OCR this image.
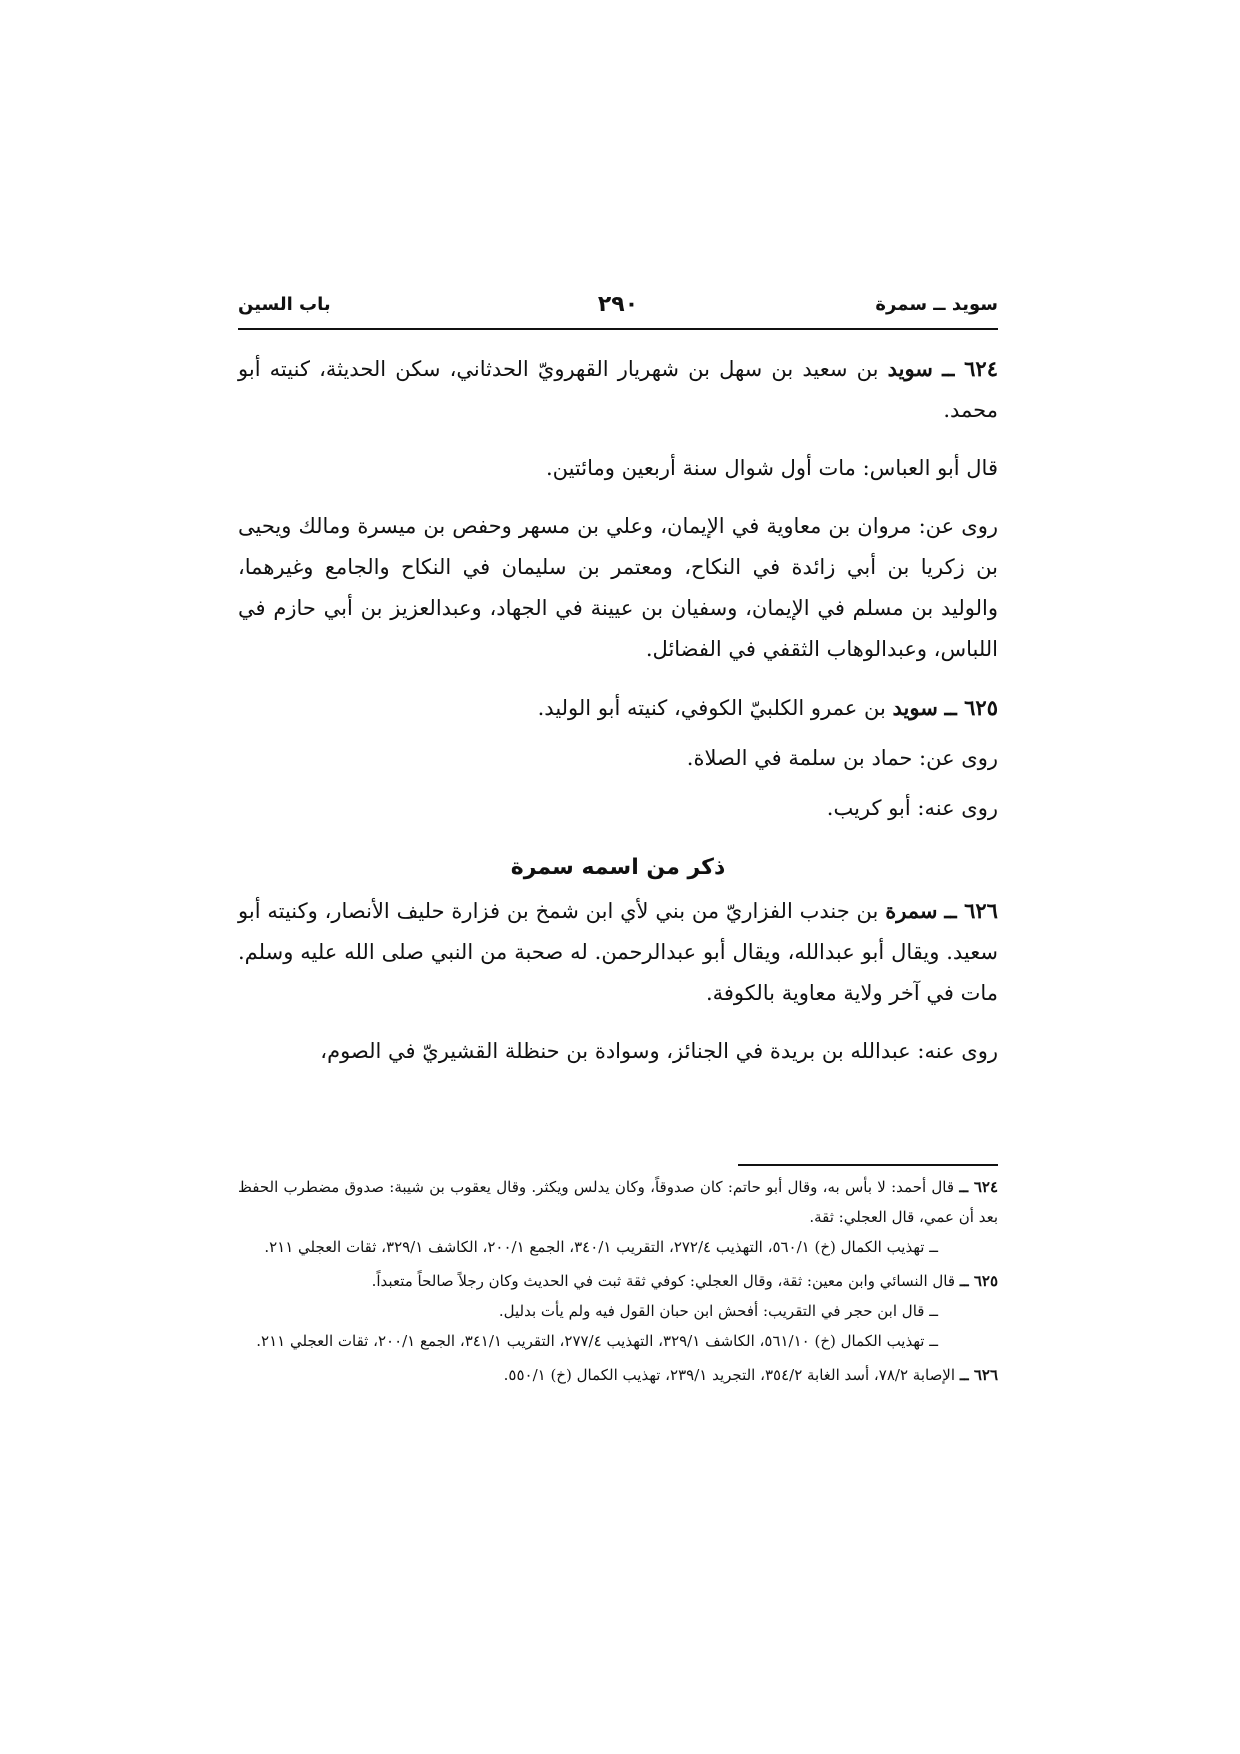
سويد ــ سمرة
٢٩٠
باب السين

٦٢٤ ــ سويد بن سعيد بن سهل بن شهريار القهرويّ الحدثاني، سكن الحديثة، كنيته أبو محمد.

قال أبو العباس: مات أول شوال سنة أربعين ومائتين.

روى عن: مروان بن معاوية في الإيمان، وعلي بن مسهر وحفص بن ميسرة ومالك ويحيى بن زكريا بن أبي زائدة في النكاح، ومعتمر بن سليمان في النكاح والجامع وغيرهما، والوليد بن مسلم في الإيمان، وسفيان بن عيينة في الجهاد، وعبدالعزيز بن أبي حازم في اللباس، وعبدالوهاب الثقفي في الفضائل.

٦٢٥ ــ سويد بن عمرو الكلبيّ الكوفي، كنيته أبو الوليد.

روى عن: حماد بن سلمة في الصلاة.

روى عنه: أبو كريب.

ذكر من اسمه سمرة

٦٢٦ ــ سمرة بن جندب الفزاريّ من بني لأي ابن شمخ بن فزارة حليف الأنصار، وكنيته أبو سعيد. ويقال أبو عبدالله، ويقال أبو عبدالرحمن. له صحبة من النبي صلى الله عليه وسلم. مات في آخر ولاية معاوية بالكوفة.

روى عنه: عبدالله بن بريدة في الجنائز، وسوادة بن حنظلة القشيريّ في الصوم،

٦٢٤ ــ قال أحمد: لا بأس به، وقال أبو حاتم: كان صدوقاً، وكان يدلس ويكثر. وقال يعقوب بن شيبة: صدوق مضطرب الحفظ بعد أن عمي، قال العجلي: ثقة.

ــ تهذيب الكمال (خ) ٥٦٠/١، التهذيب ٢٧٢/٤، التقريب ٣٤٠/١، الجمع ٢٠٠/١، الكاشف ٣٢٩/١، ثقات العجلي ٢١١.

٦٢٥ ــ قال النسائي وابن معين: ثقة، وقال العجلي: كوفي ثقة ثبت في الحديث وكان رجلاً صالحاً متعبداً.

ــ قال ابن حجر في التقريب: أفحش ابن حبان القول فيه ولم يأت بدليل.

ــ تهذيب الكمال (خ) ٥٦١/١٠، الكاشف ٣٢٩/١، التهذيب ٢٧٧/٤، التقريب ٣٤١/١، الجمع ٢٠٠/١، ثقات العجلي ٢١١.

٦٢٦ ــ الإصابة ٧٨/٢، أسد الغابة ٣٥٤/٢، التجريد ٢٣٩/١، تهذيب الكمال (خ) ٥٥٠/١.
